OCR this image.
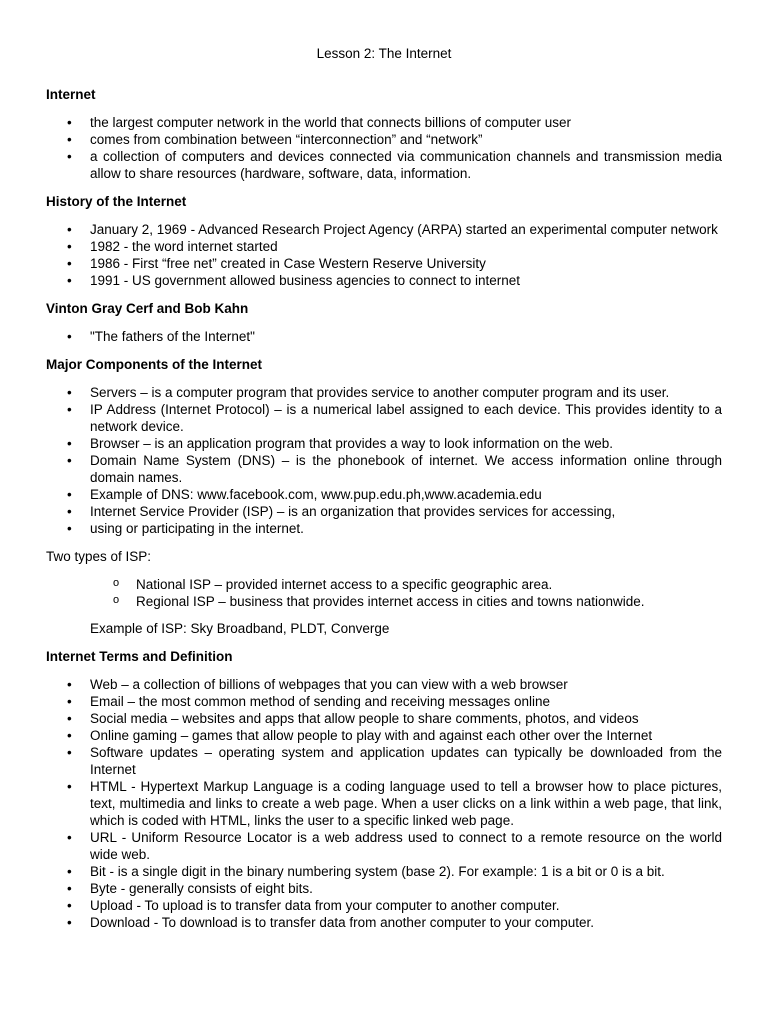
Lesson 2: The Internet
Internet
• the largest computer network in the world that connects billions of computer user
• comes from combination between “interconnection” and “network”
• a collection of computers and devices connected via communication channels and transmission media allow to share resources (hardware, software, data, information.
History of the Internet
• January 2, 1969 - Advanced Research Project Agency (ARPA) started an experimental computer network
• 1982 - the word internet started
• 1986 - First “free net” created in Case Western Reserve University
• 1991 - US government allowed business agencies to connect to internet
Vinton Gray Cerf and Bob Kahn
• "The fathers of the Internet"
Major Components of the Internet
• Servers – is a computer program that provides service to another computer program and its user.
• IP Address (Internet Protocol) – is a numerical label assigned to each device. This provides identity to a network device.
• Browser – is an application program that provides a way to look information on the web.
• Domain Name System (DNS) – is the phonebook of internet. We access information online through domain names.
• Example of DNS: www.facebook.com, www.pup.edu.ph,www.academia.edu
• Internet Service Provider (ISP) – is an organization that provides services for accessing,
• using or participating in the internet.

Two types of ISP:

o National ISP – provided internet access to a specific geographic area.
o Regional ISP – business that provides internet access in cities and towns nationwide.

Example of ISP: Sky Broadband, PLDT, Converge

Internet Terms and Definition
• Web – a collection of billions of webpages that you can view with a web browser
• Email – the most common method of sending and receiving messages online
• Social media – websites and apps that allow people to share comments, photos, and videos
• Online gaming – games that allow people to play with and against each other over the Internet
• Software updates – operating system and application updates can typically be downloaded from the Internet
• HTML - Hypertext Markup Language is a coding language used to tell a browser how to place pictures, text, multimedia and links to create a web page. When a user clicks on a link within a web page, that link, which is coded with HTML, links the user to a specific linked web page.
• URL - Uniform Resource Locator is a web address used to connect to a remote resource on the world wide web.
• Bit - is a single digit in the binary numbering system (base 2). For example: 1 is a bit or 0 is a bit.
• Byte - generally consists of eight bits.
• Upload - To upload is to transfer data from your computer to another computer.
• Download - To download is to transfer data from another computer to your computer.
